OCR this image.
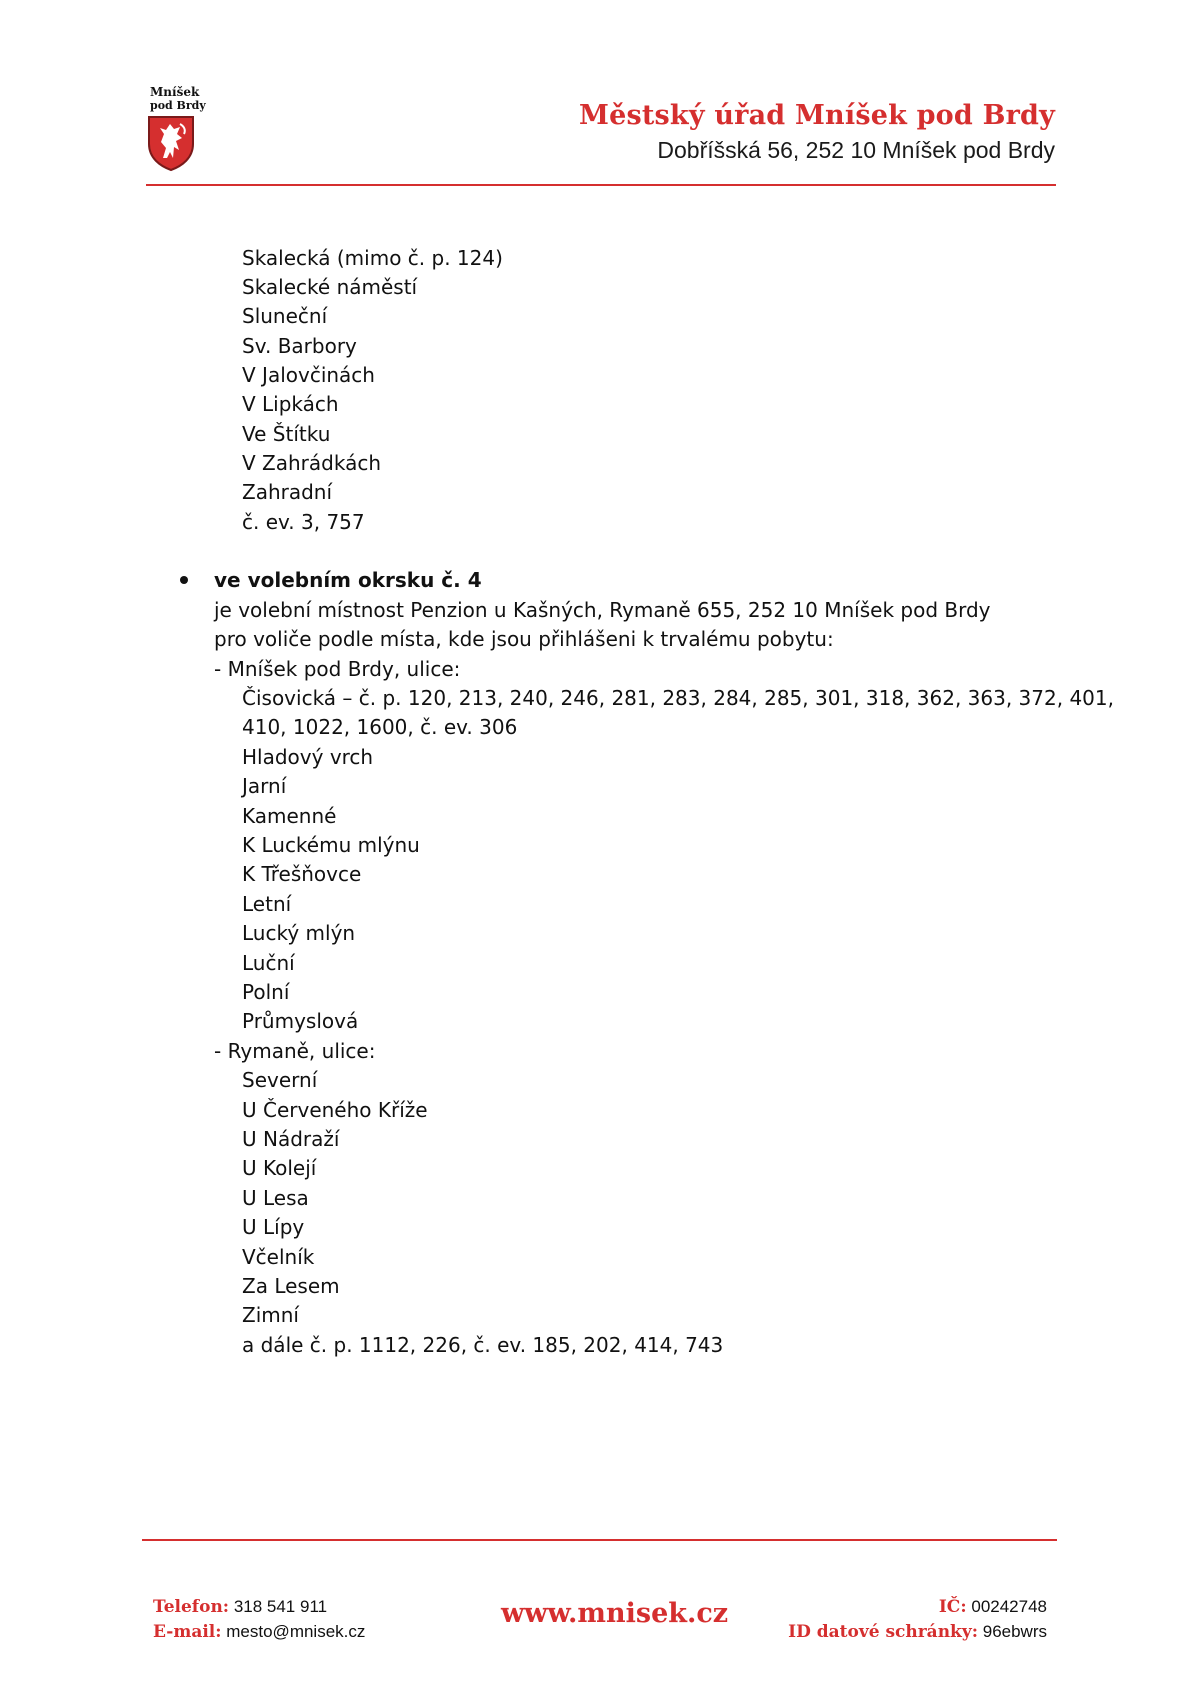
Mníšek
pod Brdy	Městský úřad Mníšek pod Brdy
Dobříšská 56, 252 10 Mníšek pod Brdy
Skalecká (mimo č. p. 124)
Skalecké náměstí
Sluneční
Sv. Barbory
V Jalovčinách
V Lipkách
Ve Štítku
V Zahrádkách
Zahradní
č. ev. 3, 757
ve volebním okrsku č. 4
je volební místnost Penzion u Kašných, Rymaně 655, 252 10 Mníšek pod Brdy
pro voliče podle místa, kde jsou přihlášeni k trvalému pobytu:
- Mníšek pod Brdy, ulice:
Čisovická – č. p. 120, 213, 240, 246, 281, 283, 284, 285, 301, 318, 362, 363, 372, 401,
410, 1022, 1600, č. ev. 306
Hladový vrch
Jarní
Kamenné
K Luckému mlýnu
K Třešňovce
Letní
Lucký mlýn
Luční
Polní
Průmyslová
- Rymaně, ulice:
Severní
U Červeného Kříže
U Nádraží
U Kolejí
U Lesa
U Lípy
Včelník
Za Lesem
Zimní
a dále č. p. 1112, 226, č. ev. 185, 202, 414, 743
Telefon: 318 541 911
E-mail: mesto@mnisek.cz
www.mnisek.cz	IČ: 00242748
ID datové schránky: 96ebwrs
